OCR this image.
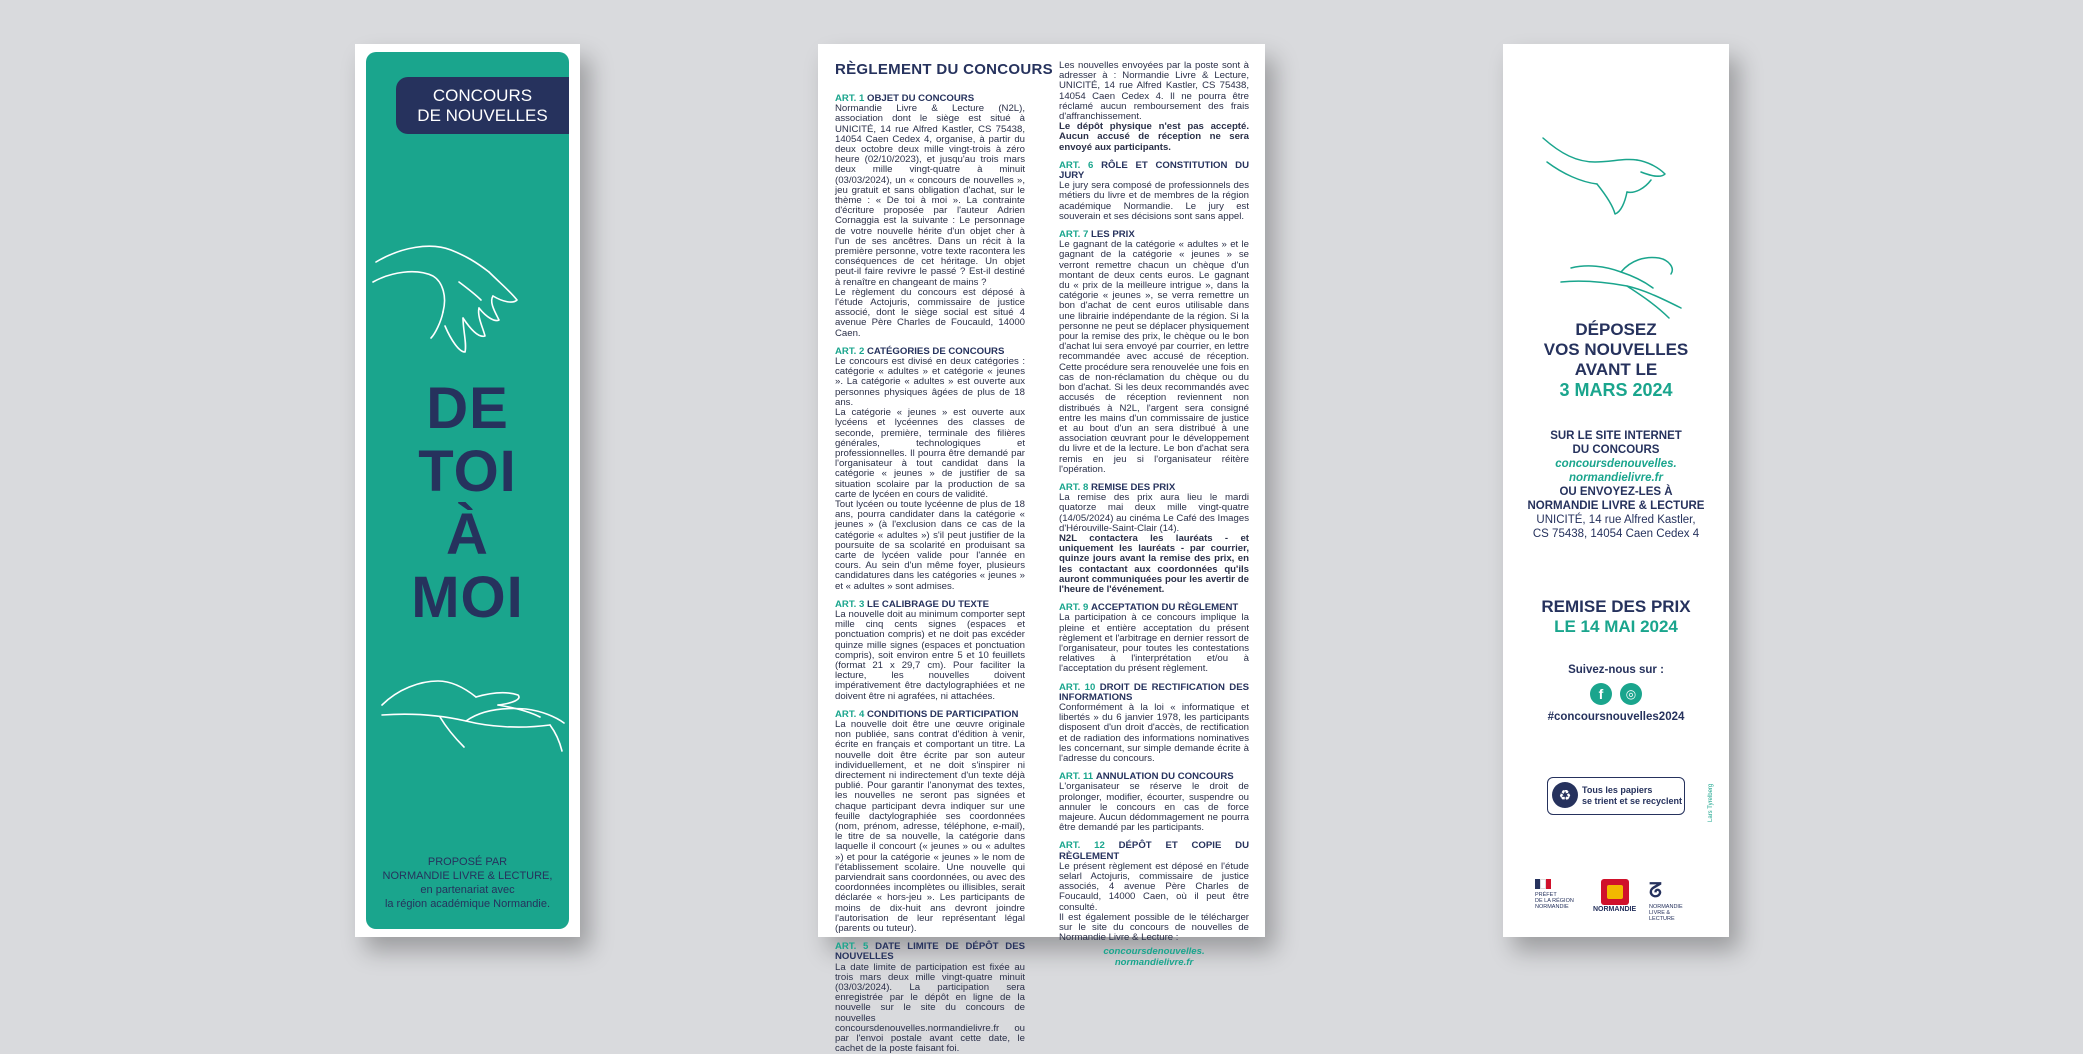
CONCOURS
DE NOUVELLES
DE
TOI
À
MOI
PROPOSÉ PAR
NORMANDIE LIVRE & LECTURE,
en partenariat avec
la région académique Normandie.
RÈGLEMENT DU CONCOURS

ART. 1 OBJET DU CONCOURS

Normandie Livre & Lecture (N2L), association dont le siège est situé à UNICITÉ, 14 rue Alfred Kastler, CS 75438, 14054 Caen Cedex 4, organise, à partir du deux octobre deux mille vingt-trois à zéro heure (02/10/2023), et jusqu'au trois mars deux mille vingt-quatre à minuit (03/03/2024), un « concours de nouvelles », jeu gratuit et sans obligation d'achat, sur le thème : « De toi à moi ». La contrainte d'écriture proposée par l'auteur Adrien Cornaggia est la suivante : Le personnage de votre nouvelle hérite d'un objet cher à l'un de ses ancêtres. Dans un récit à la première personne, votre texte racontera les conséquences de cet héritage. Un objet peut-il faire revivre le passé ? Est-il destiné à renaître en changeant de mains ?

Le règlement du concours est déposé à l'étude Actojuris, commissaire de justice associé, dont le siège social est situé 4 avenue Père Charles de Foucauld, 14000 Caen.

ART. 2 CATÉGORIES DE CONCOURS

Le concours est divisé en deux catégories : catégorie « adultes » et catégorie « jeunes ». La catégorie « adultes » est ouverte aux personnes physiques âgées de plus de 18 ans.

La catégorie « jeunes » est ouverte aux lycéens et lycéennes des classes de seconde, première, terminale des filières générales, technologiques et professionnelles. Il pourra être demandé par l'organisateur à tout candidat dans la catégorie « jeunes » de justifier de sa situation scolaire par la production de sa carte de lycéen en cours de validité.

Tout lycéen ou toute lycéenne de plus de 18 ans, pourra candidater dans la catégorie « jeunes » (à l'exclusion dans ce cas de la catégorie « adultes ») s'il peut justifier de la poursuite de sa scolarité en produisant sa carte de lycéen valide pour l'année en cours. Au sein d'un même foyer, plusieurs candidatures dans les catégories « jeunes » et « adultes » sont admises.

ART. 3 LE CALIBRAGE DU TEXTE

La nouvelle doit au minimum comporter sept mille cinq cents signes (espaces et ponctuation compris) et ne doit pas excéder quinze mille signes (espaces et ponctuation compris), soit environ entre 5 et 10 feuillets (format 21 x 29,7 cm). Pour faciliter la lecture, les nouvelles doivent impérativement être dactylographiées et ne doivent être ni agrafées, ni attachées.

ART. 4 CONDITIONS DE PARTICIPATION

La nouvelle doit être une œuvre originale non publiée, sans contrat d'édition à venir, écrite en français et comportant un titre. La nouvelle doit être écrite par son auteur individuellement, et ne doit s'inspirer ni directement ni indirectement d'un texte déjà publié. Pour garantir l'anonymat des textes, les nouvelles ne seront pas signées et chaque participant devra indiquer sur une feuille dactylographiée ses coordonnées (nom, prénom, adresse, téléphone, e-mail), le titre de sa nouvelle, la catégorie dans laquelle il concourt (« jeunes » ou « adultes ») et pour la catégorie « jeunes » le nom de l'établissement scolaire. Une nouvelle qui parviendrait sans coordonnées, ou avec des coordonnées incomplètes ou illisibles, serait déclarée « hors-jeu ». Les participants de moins de dix-huit ans devront joindre l'autorisation de leur représentant légal (parents ou tuteur).

ART. 5 DATE LIMITE DE DÉPÔT DES NOUVELLES

La date limite de participation est fixée au trois mars deux mille vingt-quatre minuit (03/03/2024). La participation sera enregistrée par le dépôt en ligne de la nouvelle sur le site du concours de nouvelles concoursdenouvelles.normandielivre.fr ou par l'envoi postale avant cette date, le cachet de la poste faisant foi.

Les nouvelles envoyées par la poste sont à adresser à : Normandie Livre & Lecture, UNICITÉ, 14 rue Alfred Kastler, CS 75438, 14054 Caen Cedex 4. Il ne pourra être réclamé aucun remboursement des frais d'affranchissement.

Le dépôt physique n'est pas accepté. Aucun accusé de réception ne sera envoyé aux participants.

ART. 6 RÔLE ET CONSTITUTION DU JURY

Le jury sera composé de professionnels des métiers du livre et de membres de la région académique Normandie. Le jury est souverain et ses décisions sont sans appel.

ART. 7 LES PRIX

Le gagnant de la catégorie « adultes » et le gagnant de la catégorie « jeunes » se verront remettre chacun un chèque d'un montant de deux cents euros. Le gagnant du « prix de la meilleure intrigue », dans la catégorie « jeunes », se verra remettre un bon d'achat de cent euros utilisable dans une librairie indépendante de la région. Si la personne ne peut se déplacer physiquement pour la remise des prix, le chèque ou le bon d'achat lui sera envoyé par courrier, en lettre recommandée avec accusé de réception. Cette procédure sera renouvelée une fois en cas de non-réclamation du chèque ou du bon d'achat. Si les deux recommandés avec accusés de réception reviennent non distribués à N2L, l'argent sera consigné entre les mains d'un commissaire de justice et au bout d'un an sera distribué à une association œuvrant pour le développement du livre et de la lecture. Le bon d'achat sera remis en jeu si l'organisateur réitère l'opération.

ART. 8 REMISE DES PRIX

La remise des prix aura lieu le mardi quatorze mai deux mille vingt-quatre (14/05/2024) au cinéma Le Café des Images d'Hérouville-Saint-Clair (14).

N2L contactera les lauréats - et uniquement les lauréats - par courrier, quinze jours avant la remise des prix, en les contactant aux coordonnées qu'ils auront communiquées pour les avertir de l'heure de l'événement.

ART. 9 ACCEPTATION DU RÈGLEMENT

La participation à ce concours implique la pleine et entière acceptation du présent règlement et l'arbitrage en dernier ressort de l'organisateur, pour toutes les contestations relatives à l'interprétation et/ou à l'acceptation du présent règlement.

ART. 10 DROIT DE RECTIFICATION DES INFORMATIONS

Conformément à la loi « informatique et libertés » du 6 janvier 1978, les participants disposent d'un droit d'accès, de rectification et de radiation des informations nominatives les concernant, sur simple demande écrite à l'adresse du concours.

ART. 11 ANNULATION DU CONCOURS

L'organisateur se réserve le droit de prolonger, modifier, écourter, suspendre ou annuler le concours en cas de force majeure. Aucun dédommagement ne pourra être demandé par les participants.

ART. 12 DÉPÔT ET COPIE DU RÈGLEMENT

Le présent règlement est déposé en l'étude selarl Actojuris, commissaire de justice associés, 4 avenue Père Charles de Foucauld, 14000 Caen, où il peut être consulté.

Il est également possible de le télécharger sur le site du concours de nouvelles de Normandie Livre & Lecture :

concoursdenouvelles.
normandielivre.fr

DÉPOSEZ
VOS NOUVELLES
AVANT LE
3 MARS 2024
SUR LE SITE INTERNET
DU CONCOURS
concoursdenouvelles.
normandielivre.fr
OU ENVOYEZ-LES À
NORMANDIE LIVRE & LECTURE
UNICITÉ, 14 rue Alfred Kastler,
CS 75438, 14054 Caen Cedex 4
REMISE DES PRIX
LE 14 MAI 2024
Suivez-nous sur :
f	◎
#concoursnouvelles2024
♻	Tous les papiers
se trient et se recyclent	Lars Tyrelberg
PRÉFET
DE LA RÉGION
NORMANDIE	NORMANDIE
ᘔ
NORMANDIE
LIVRE & LECTURE
